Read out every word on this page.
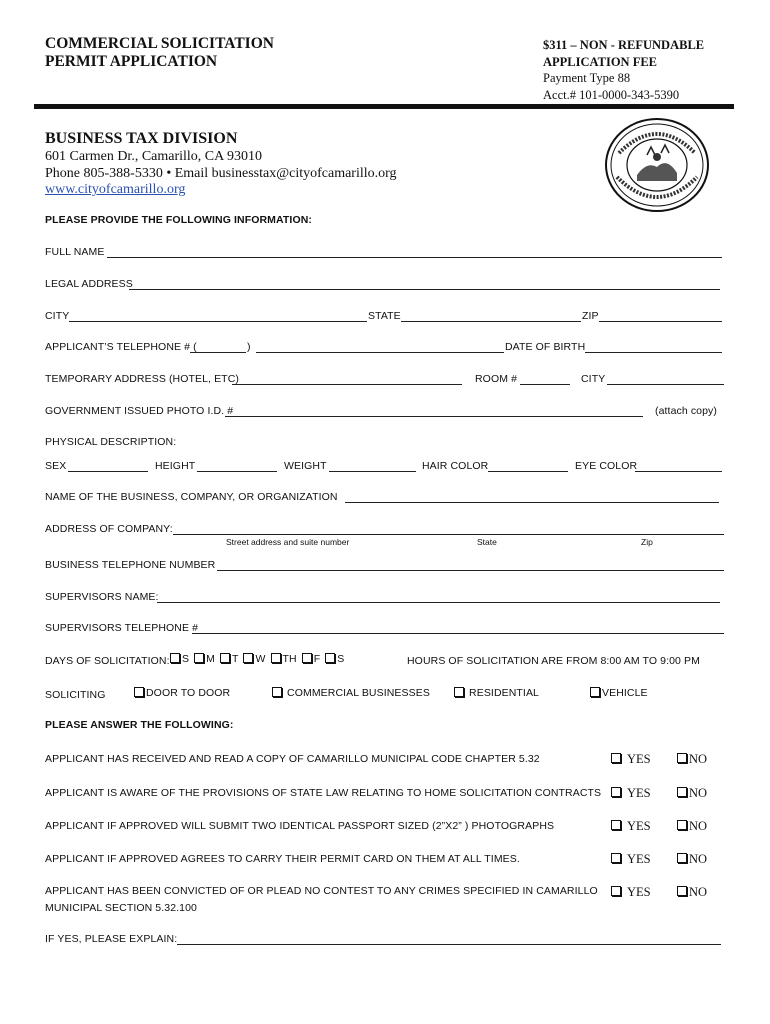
COMMERCIAL SOLICITATION
PERMIT APPLICATION
$311 – NON - REFUNDABLE
APPLICATION FEE
Payment Type 88
Acct.# 101-0000-343-5390
BUSINESS TAX DIVISION
601 Carmen Dr., Camarillo, CA 93010
Phone 805-388-5330 • Email businesstax@cityofcamarillo.org
www.cityofcamarillo.org
PLEASE PROVIDE THE FOLLOWING INFORMATION:
FULL NAME
LEGAL ADDRESS
CITY	STATE	ZIP
APPLICANT’S TELEPHONE # (	)	DATE OF BIRTH
TEMPORARY ADDRESS (HOTEL, ETC)	ROOM #	CITY
GOVERNMENT ISSUED PHOTO I.D. #	(attach copy)
PHYSICAL DESCRIPTION:
SEX	HEIGHT	WEIGHT	HAIR COLOR	EYE COLOR
NAME OF THE BUSINESS, COMPANY, OR ORGANIZATION
ADDRESS OF COMPANY:
Street address and suite number	State	Zip
BUSINESS TELEPHONE NUMBER
SUPERVISORS NAME:
SUPERVISORS TELEPHONE #
DAYS OF SOLICITATION:	S	M	T	W	TH	F	S	HOURS OF SOLICITATION ARE FROM 8:00 AM TO 9:00 PM
SOLICITING	DOOR TO DOOR	COMMERCIAL BUSINESSES	RESIDENTIAL	VEHICLE
PLEASE ANSWER THE FOLLOWING:
APPLICANT HAS RECEIVED AND READ A COPY OF CAMARILLO MUNICIPAL CODE CHAPTER 5.32	YES	NO
APPLICANT IS AWARE OF THE PROVISIONS OF STATE LAW RELATING TO HOME SOLICITATION CONTRACTS	YES	NO
APPLICANT IF APPROVED WILL SUBMIT TWO IDENTICAL PASSPORT SIZED (2”X2” ) PHOTOGRAPHS	YES	NO
APPLICANT IF APPROVED AGREES TO CARRY THEIR PERMIT CARD ON THEM AT ALL TIMES.	YES	NO
APPLICANT HAS BEEN CONVICTED OF OR PLEAD NO CONTEST TO ANY CRIMES SPECIFIED IN CAMARILLO
MUNICIPAL SECTION 5.32.100
YES	NO
IF YES, PLEASE EXPLAIN:
